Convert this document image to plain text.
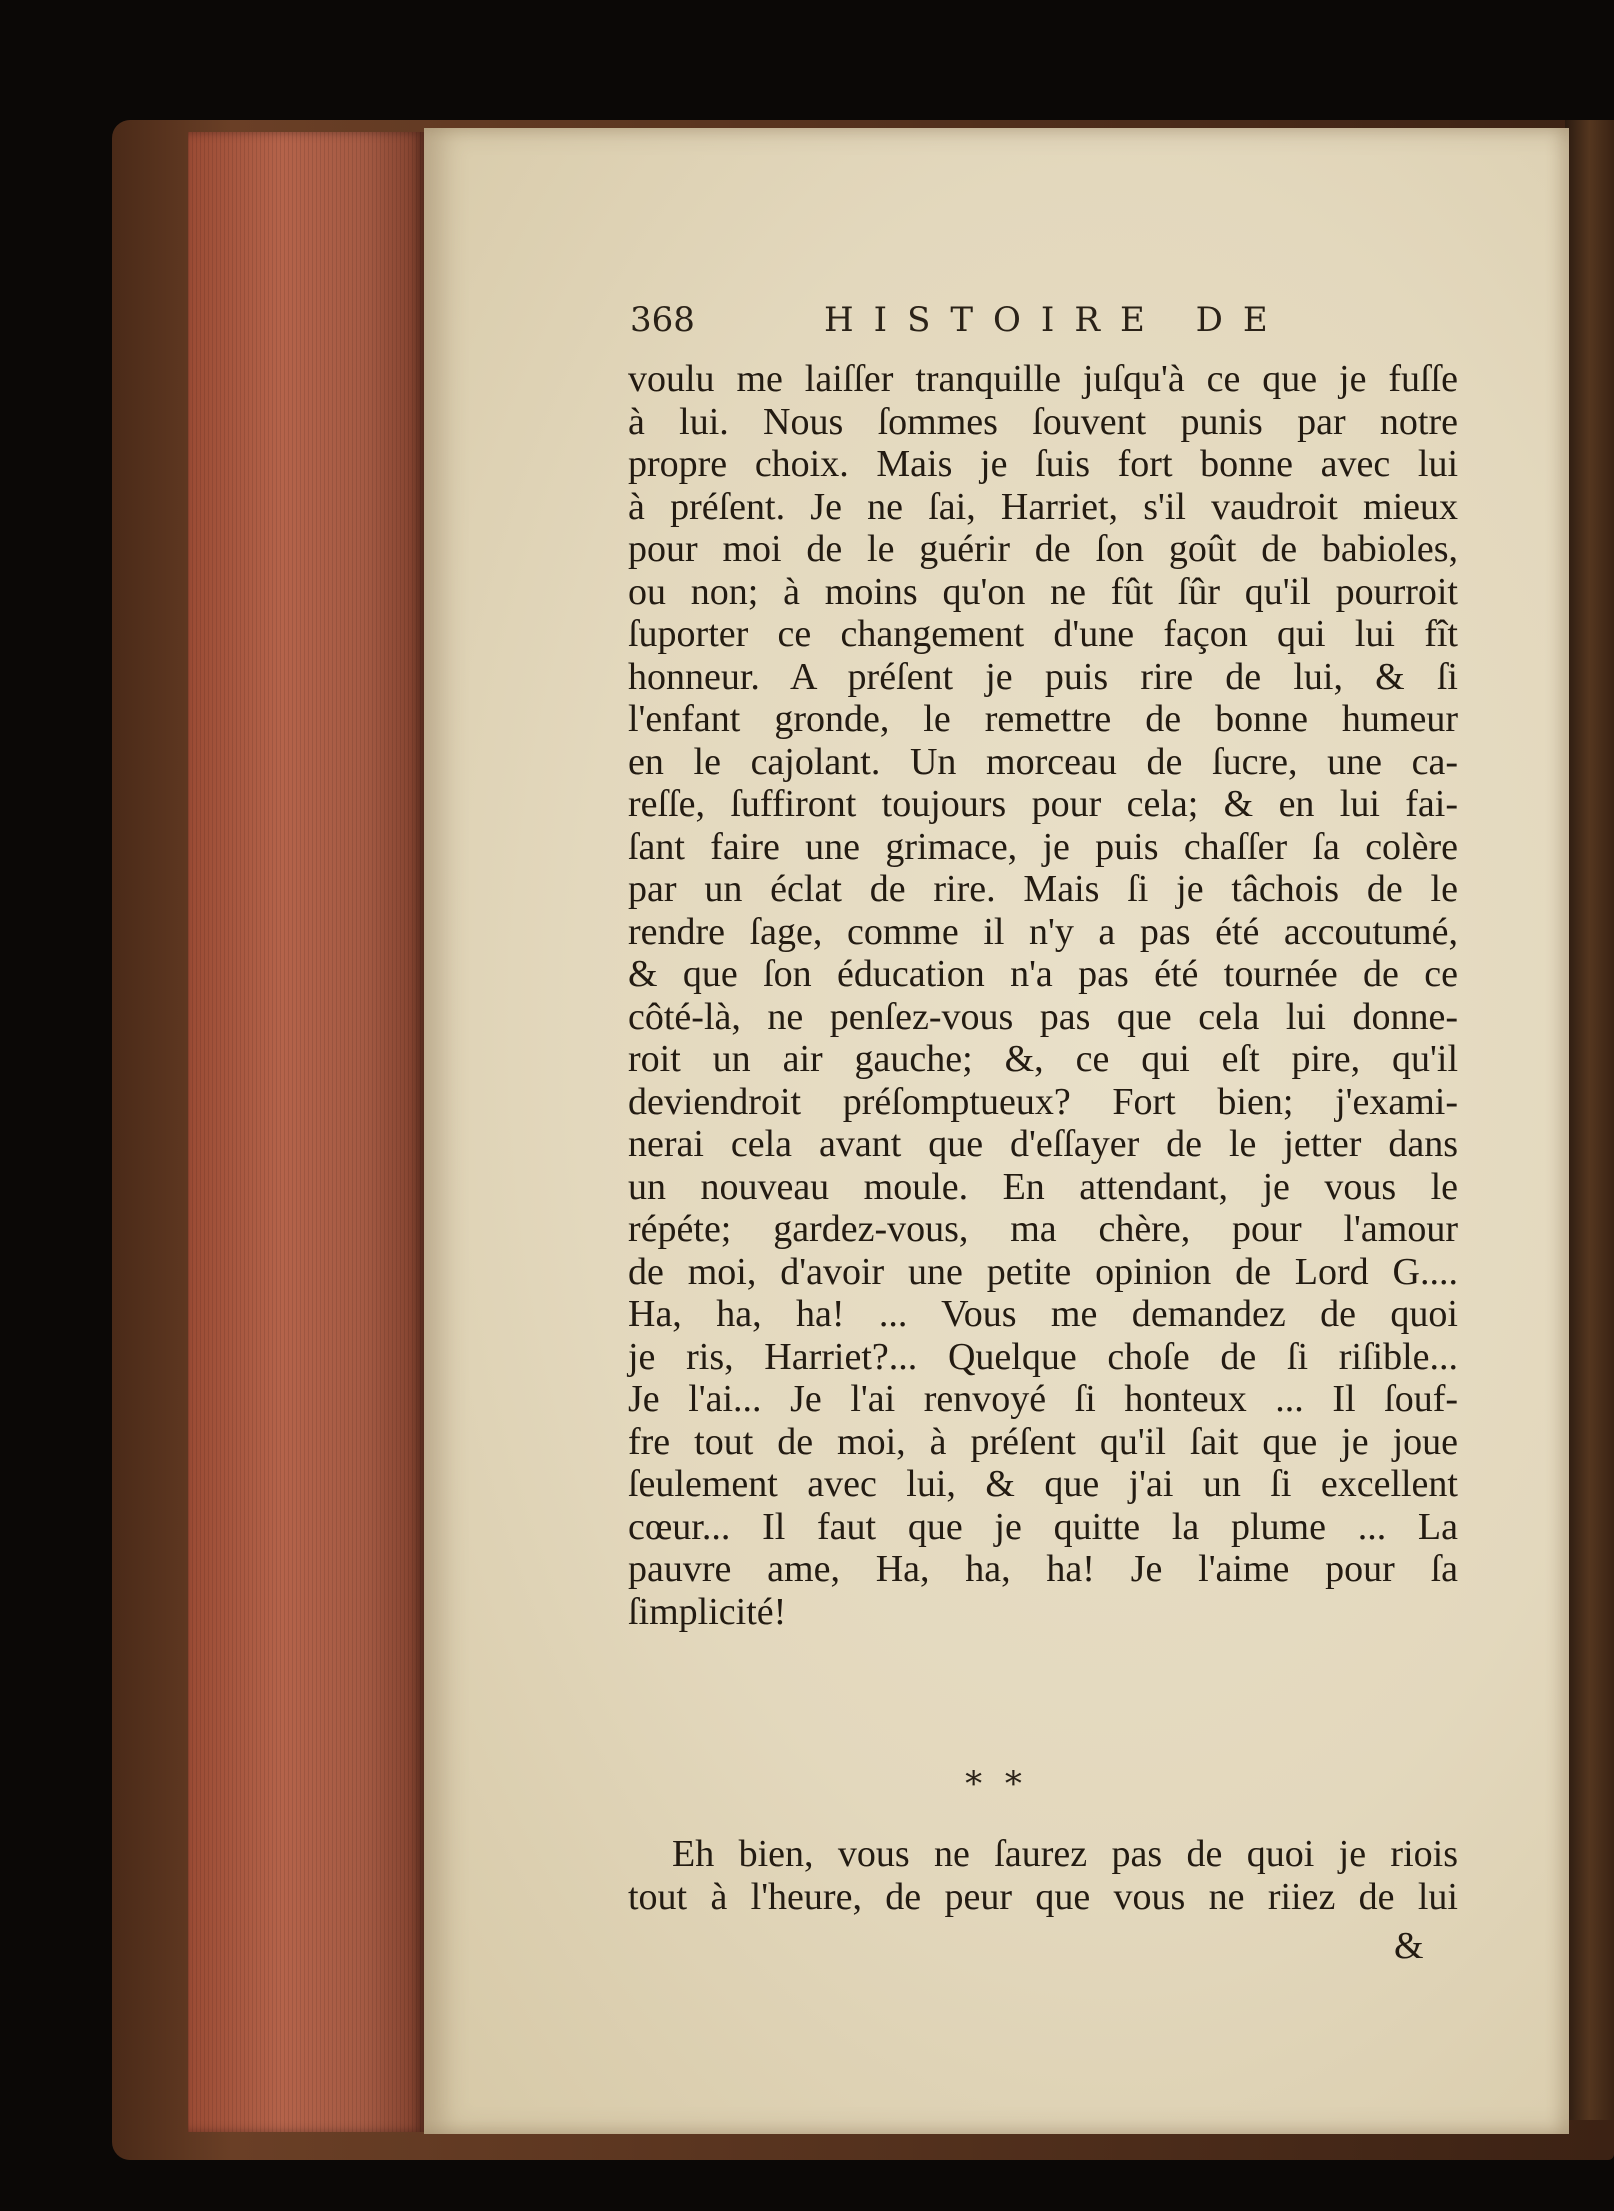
368	HISTOIRE DE
voulu me laiſſer tranquille juſqu'à ce que je fuſſe
à lui. Nous ſommes ſouvent punis par notre
propre choix. Mais je ſuis fort bonne avec lui
à préſent. Je ne ſai, Harriet, s'il vaudroit mieux
pour moi de le guérir de ſon goût de babioles,
ou non; à moins qu'on ne fût ſûr qu'il pourroit
ſuporter ce changement d'une façon qui lui fît
honneur. A préſent je puis rire de lui, & ſi
l'enfant gronde, le remettre de bonne humeur
en le cajolant. Un morceau de ſucre, une ca-
reſſe, ſuffiront toujours pour cela; & en lui fai-
ſant faire une grimace, je puis chaſſer ſa colère
par un éclat de rire. Mais ſi je tâchois de le
rendre ſage, comme il n'y a pas été accoutumé,
& que ſon éducation n'a pas été tournée de ce
côté-là, ne penſez-vous pas que cela lui donne-
roit un air gauche; &, ce qui eſt pire, qu'il
deviendroit préſomptueux? Fort bien; j'exami-
nerai cela avant que d'eſſayer de le jetter dans
un nouveau moule. En attendant, je vous le
répéte; gardez-vous, ma chère, pour l'amour
de moi, d'avoir une petite opinion de Lord G....
Ha, ha, ha! ... Vous me demandez de quoi
je ris, Harriet?... Quelque choſe de ſi riſible...
Je l'ai... Je l'ai renvoyé ſi honteux ... Il ſouf-
fre tout de moi, à préſent qu'il ſait que je joue
ſeulement avec lui, & que j'ai un ſi excellent
cœur... Il faut que je quitte la plume ... La
pauvre ame, Ha, ha, ha! Je l'aime pour ſa
ſimplicité!
* *
Eh bien, vous ne ſaurez pas de quoi je riois
tout à l'heure, de peur que vous ne riiez de lui
&
